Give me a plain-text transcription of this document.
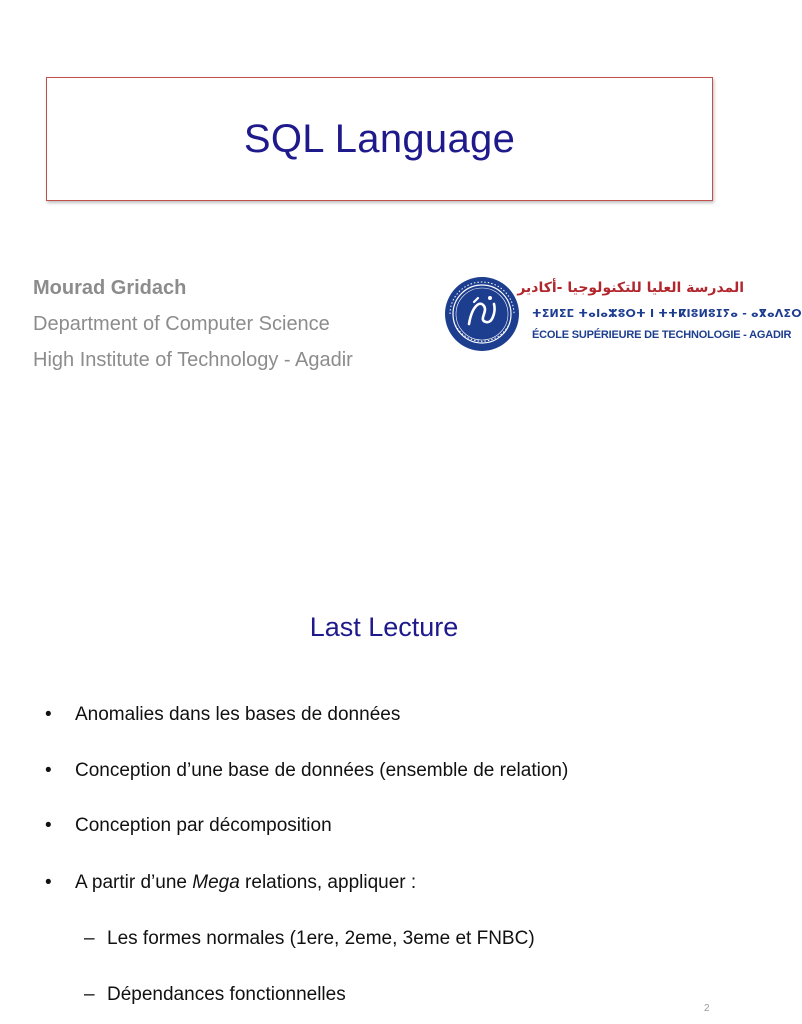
SQL Language
Mourad Gridach
Department of Computer Science
High Institute of Technology - Agadir
المدرسة العليا للتكنولوجيا -أكادير
ⵜⵉⵍⵉⵎ ⵜⴰⵏⴰⵣⵓⵔⵜ ⵏ ⵜⵜⴽⵏⵓⵍⵓⵊⵢⴰ - ⴰⴳⴰⴷⵉⵔ
ÉCOLE SUPÉRIEURE DE TECHNOLOGIE - AGADIR
Last Lecture
• Anomalies dans les bases de données
• Conception d’une base de données (ensemble de relation)
• Conception par décomposition
• A partir d’une Mega relations, appliquer :
– Les formes normales (1ere, 2eme, 3eme et FNBC)
– Dépendances fonctionnelles
2
